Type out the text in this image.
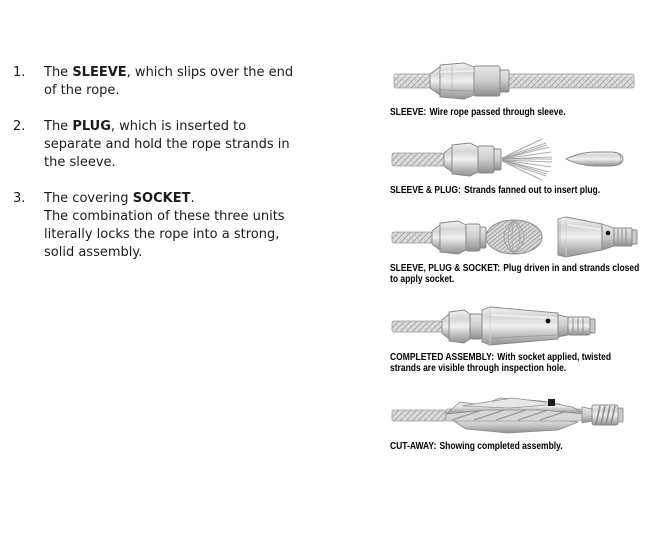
1.	The SLEEVE, which slips over the end
of the rope.
2.	The PLUG, which is inserted to
separate and hold the rope strands in
the sleeve.
3.	The covering SOCKET.
The combination of these three units
literally locks the rope into a strong,
solid assembly.
SLEEVE: Wire rope passed through sleeve.
SLEEVE & PLUG: Strands fanned out to insert plug.
SLEEVE, PLUG & SOCKET: Plug driven in and strands closed to apply socket.
COMPLETED ASSEMBLY: With socket applied, twisted strands are visible through inspection hole.
CUT-AWAY: Showing completed assembly.
